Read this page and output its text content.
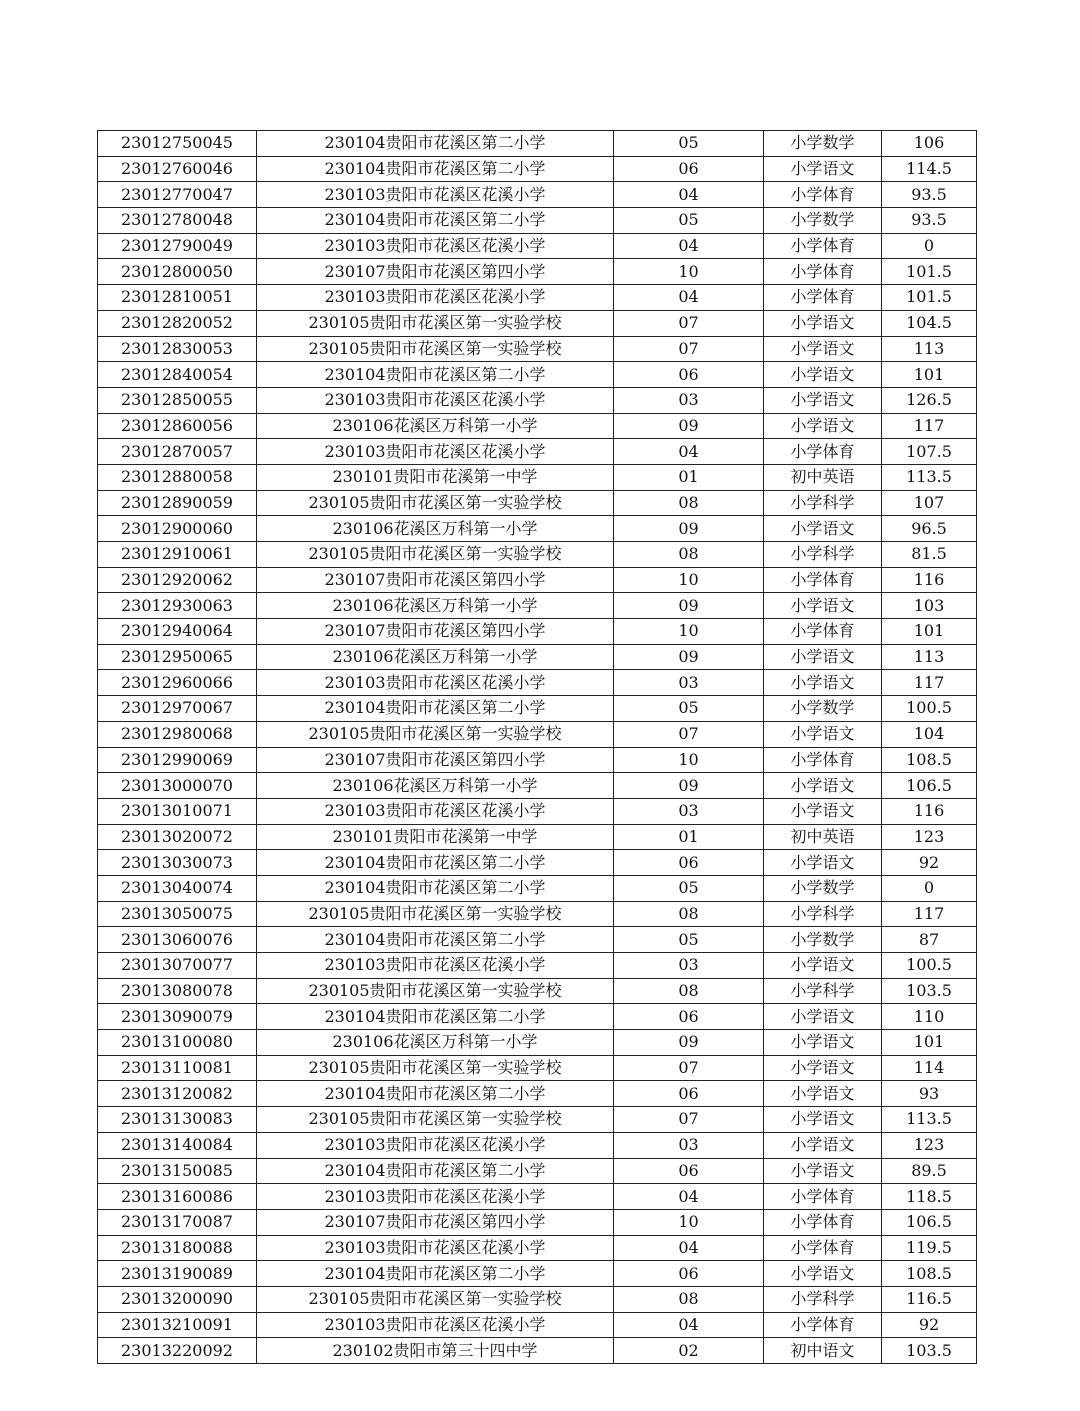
23012750045	230104贵阳市花溪区第二小学	05	小学数学	106
23012760046	230104贵阳市花溪区第二小学	06	小学语文	114.5
23012770047	230103贵阳市花溪区花溪小学	04	小学体育	93.5
23012780048	230104贵阳市花溪区第二小学	05	小学数学	93.5
23012790049	230103贵阳市花溪区花溪小学	04	小学体育	0
23012800050	230107贵阳市花溪区第四小学	10	小学体育	101.5
23012810051	230103贵阳市花溪区花溪小学	04	小学体育	101.5
23012820052	230105贵阳市花溪区第一实验学校	07	小学语文	104.5
23012830053	230105贵阳市花溪区第一实验学校	07	小学语文	113
23012840054	230104贵阳市花溪区第二小学	06	小学语文	101
23012850055	230103贵阳市花溪区花溪小学	03	小学语文	126.5
23012860056	230106花溪区万科第一小学	09	小学语文	117
23012870057	230103贵阳市花溪区花溪小学	04	小学体育	107.5
23012880058	230101贵阳市花溪第一中学	01	初中英语	113.5
23012890059	230105贵阳市花溪区第一实验学校	08	小学科学	107
23012900060	230106花溪区万科第一小学	09	小学语文	96.5
23012910061	230105贵阳市花溪区第一实验学校	08	小学科学	81.5
23012920062	230107贵阳市花溪区第四小学	10	小学体育	116
23012930063	230106花溪区万科第一小学	09	小学语文	103
23012940064	230107贵阳市花溪区第四小学	10	小学体育	101
23012950065	230106花溪区万科第一小学	09	小学语文	113
23012960066	230103贵阳市花溪区花溪小学	03	小学语文	117
23012970067	230104贵阳市花溪区第二小学	05	小学数学	100.5
23012980068	230105贵阳市花溪区第一实验学校	07	小学语文	104
23012990069	230107贵阳市花溪区第四小学	10	小学体育	108.5
23013000070	230106花溪区万科第一小学	09	小学语文	106.5
23013010071	230103贵阳市花溪区花溪小学	03	小学语文	116
23013020072	230101贵阳市花溪第一中学	01	初中英语	123
23013030073	230104贵阳市花溪区第二小学	06	小学语文	92
23013040074	230104贵阳市花溪区第二小学	05	小学数学	0
23013050075	230105贵阳市花溪区第一实验学校	08	小学科学	117
23013060076	230104贵阳市花溪区第二小学	05	小学数学	87
23013070077	230103贵阳市花溪区花溪小学	03	小学语文	100.5
23013080078	230105贵阳市花溪区第一实验学校	08	小学科学	103.5
23013090079	230104贵阳市花溪区第二小学	06	小学语文	110
23013100080	230106花溪区万科第一小学	09	小学语文	101
23013110081	230105贵阳市花溪区第一实验学校	07	小学语文	114
23013120082	230104贵阳市花溪区第二小学	06	小学语文	93
23013130083	230105贵阳市花溪区第一实验学校	07	小学语文	113.5
23013140084	230103贵阳市花溪区花溪小学	03	小学语文	123
23013150085	230104贵阳市花溪区第二小学	06	小学语文	89.5
23013160086	230103贵阳市花溪区花溪小学	04	小学体育	118.5
23013170087	230107贵阳市花溪区第四小学	10	小学体育	106.5
23013180088	230103贵阳市花溪区花溪小学	04	小学体育	119.5
23013190089	230104贵阳市花溪区第二小学	06	小学语文	108.5
23013200090	230105贵阳市花溪区第一实验学校	08	小学科学	116.5
23013210091	230103贵阳市花溪区花溪小学	04	小学体育	92
23013220092	230102贵阳市第三十四中学	02	初中语文	103.5
